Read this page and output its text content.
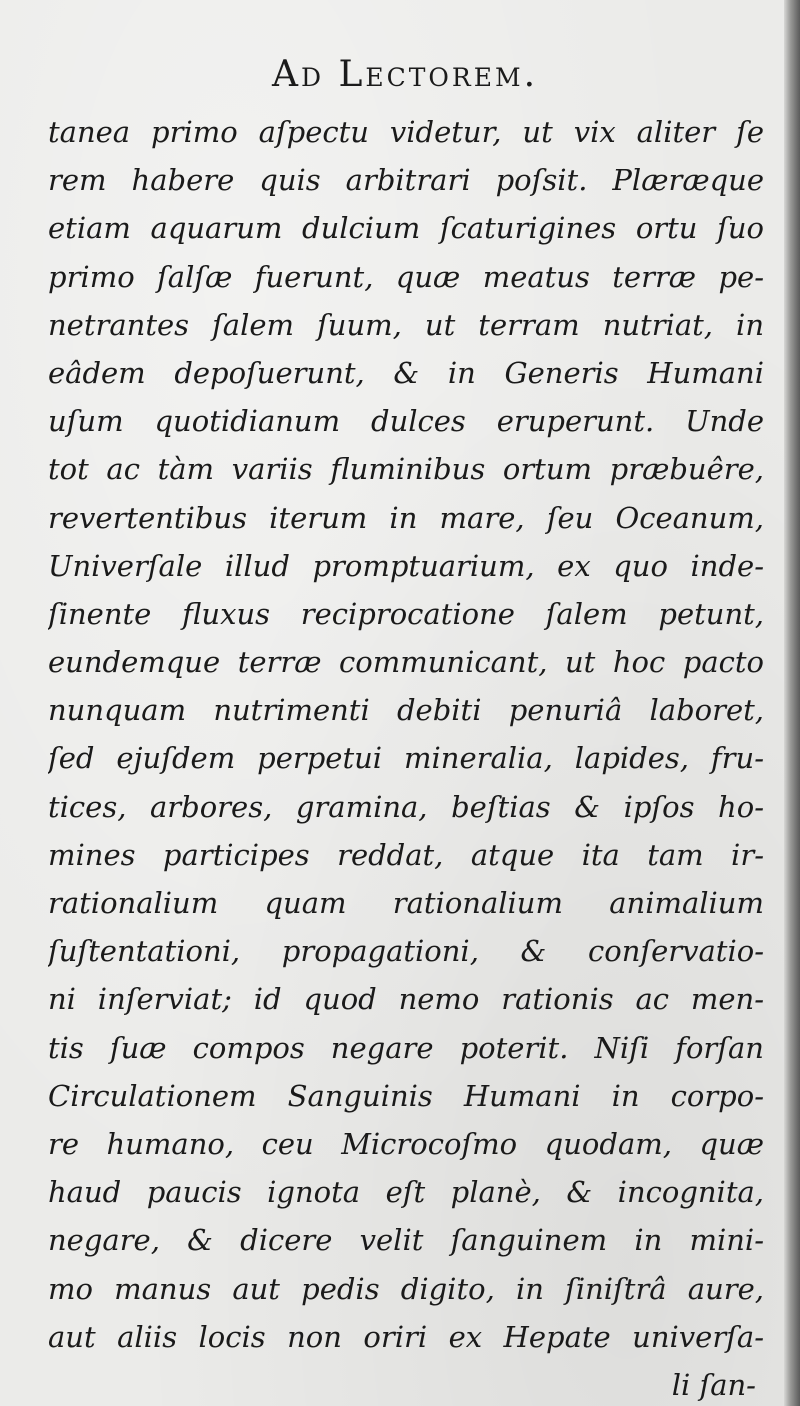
Ad Lectorem.
tanea primo aſpectu videtur, ut vix aliter ſe
rem habere quis arbitrari poſsit. Plæræque
etiam aquarum dulcium ſcaturigines ortu ſuo
primo ſalſæ fuerunt, quæ meatus terræ pe-
netrantes ſalem ſuum, ut terram nutriat, in
eâdem depoſuerunt, & in Generis Humani
uſum quotidianum dulces eruperunt. Unde
tot ac tàm variis fluminibus ortum præbuêre,
revertentibus iterum in mare, ſeu Oceanum,
Univerſale illud promptuarium, ex quo inde-
ſinente fluxus reciprocatione ſalem petunt,
eundemque terræ communicant, ut hoc pacto
nunquam nutrimenti debiti penuriâ laboret,
ſed ejuſdem perpetui mineralia, lapides, fru-
tices, arbores, gramina, beſtias & ipſos ho-
mines participes reddat, atque ita tam ir-
rationalium quam rationalium animalium
ſuſtentationi, propagationi, & conſervatio-
ni inſerviat; id quod nemo rationis ac men-
tis ſuæ compos negare poterit. Niſi forſan
Circulationem Sanguinis Humani in corpo-
re humano, ceu Microcoſmo quodam, quæ
haud paucis ignota eſt planè, & incognita,
negare, & dicere velit ſanguinem in mini-
mo manus aut pedis digito, in ſiniſtrâ aure,
aut aliis locis non oriri ex Hepate univerſa-
li ſan-
